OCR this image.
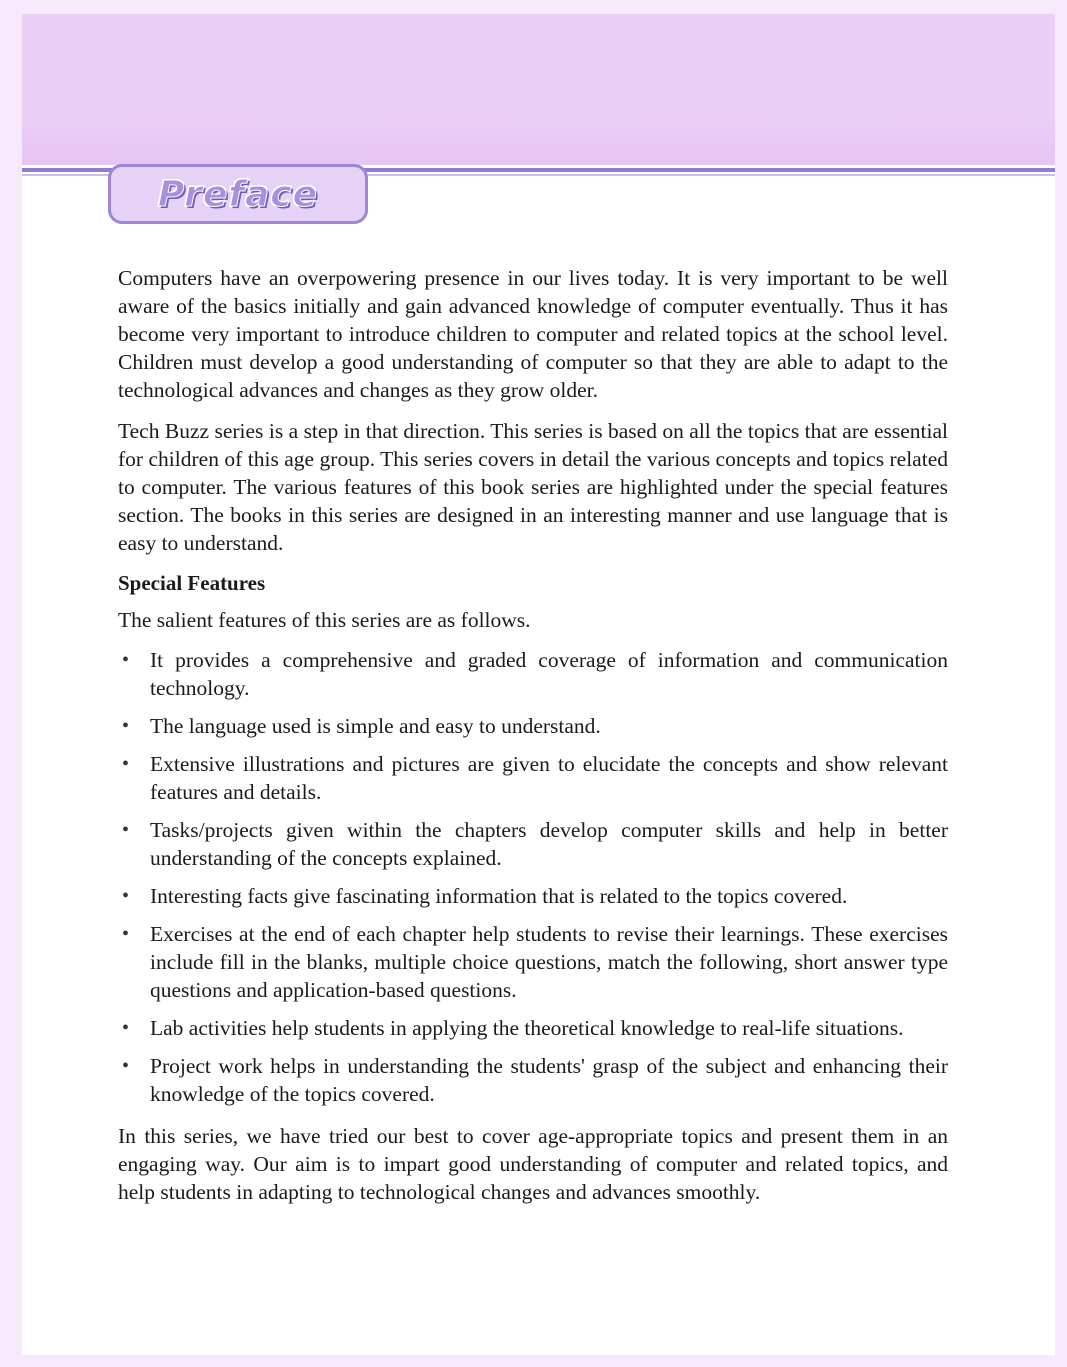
Preface

Computers have an overpowering presence in our lives today. It is very important to be well aware of the basics initially and gain advanced knowledge of computer eventually. Thus it has become very important to introduce children to computer and related topics at the school level. Children must develop a good understanding of computer so that they are able to adapt to the technological advances and changes as they grow older.

Tech Buzz series is a step in that direction. This series is based on all the topics that are essential for children of this age group. This series covers in detail the various concepts and topics related to computer. The various features of this book series are highlighted under the special features section. The books in this series are designed in an interesting manner and use language that is easy to understand.

Special Features
The salient features of this series are as follows.
• It provides a comprehensive and graded coverage of information and communication technology.
• The language used is simple and easy to understand.
• Extensive illustrations and pictures are given to elucidate the concepts and show relevant features and details.
• Tasks/projects given within the chapters develop computer skills and help in better understanding of the concepts explained.
• Interesting facts give fascinating information that is related to the topics covered.
• Exercises at the end of each chapter help students to revise their learnings. These exercises include fill in the blanks, multiple choice questions, match the following, short answer type questions and application-based questions.
• Lab activities help students in applying the theoretical knowledge to real-life situations.
• Project work helps in understanding the students' grasp of the subject and enhancing their knowledge of the topics covered.

In this series, we have tried our best to cover age-appropriate topics and present them in an engaging way. Our aim is to impart good understanding of computer and related topics, and help students in adapting to technological changes and advances smoothly.
